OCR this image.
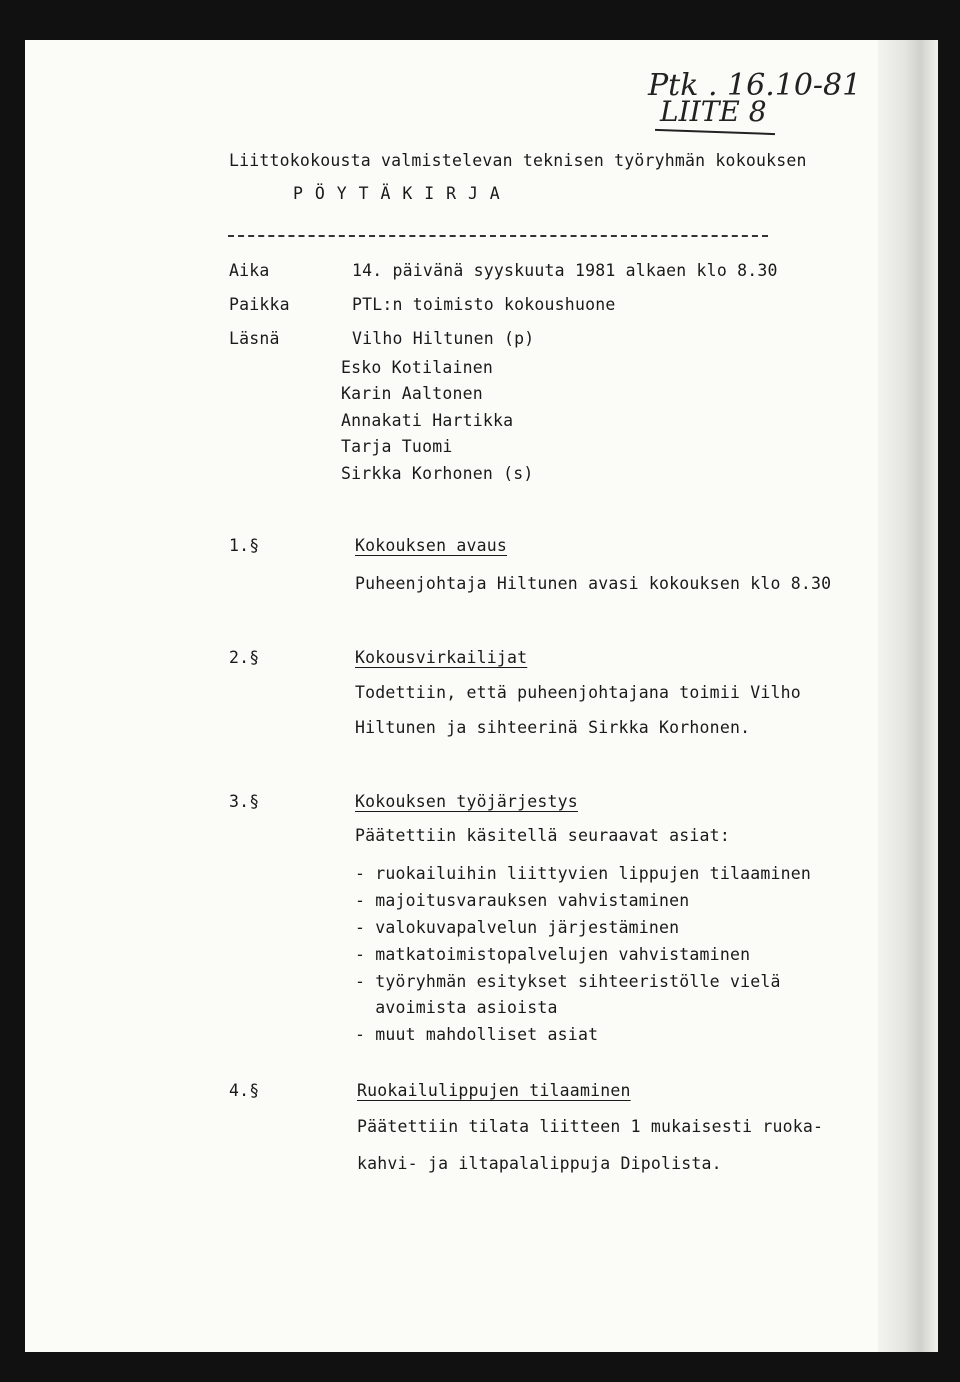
Ptk . 16.10-81
LIITE 8
Liittokokousta valmistelevan teknisen työryhmän kokouksen
P Ö Y T Ä K I R J A
Aika	14. päivänä syyskuuta 1981 alkaen klo 8.30
Paikka	PTL:n toimisto kokoushuone
Läsnä	Vilho Hiltunen (p)
Esko Kotilainen
Karin Aaltonen
Annakati Hartikka
Tarja Tuomi
Sirkka Korhonen (s)
1.§	Kokouksen avaus
Puheenjohtaja Hiltunen avasi kokouksen klo 8.30
2.§	Kokousvirkailijat
Todettiin, että puheenjohtajana toimii Vilho
Hiltunen ja sihteerinä Sirkka Korhonen.
3.§	Kokouksen työjärjestys
Päätettiin käsitellä seuraavat asiat:
- ruokailuihin liittyvien lippujen tilaaminen
- majoitusvarauksen vahvistaminen
- valokuvapalvelun järjestäminen
- matkatoimistopalvelujen vahvistaminen
- työryhmän esitykset sihteeristölle vielä
avoimista asioista
- muut mahdolliset asiat
4.§	Ruokailulippujen tilaaminen
Päätettiin tilata liitteen 1 mukaisesti ruoka-
kahvi- ja iltapalalippuja Dipolista.
